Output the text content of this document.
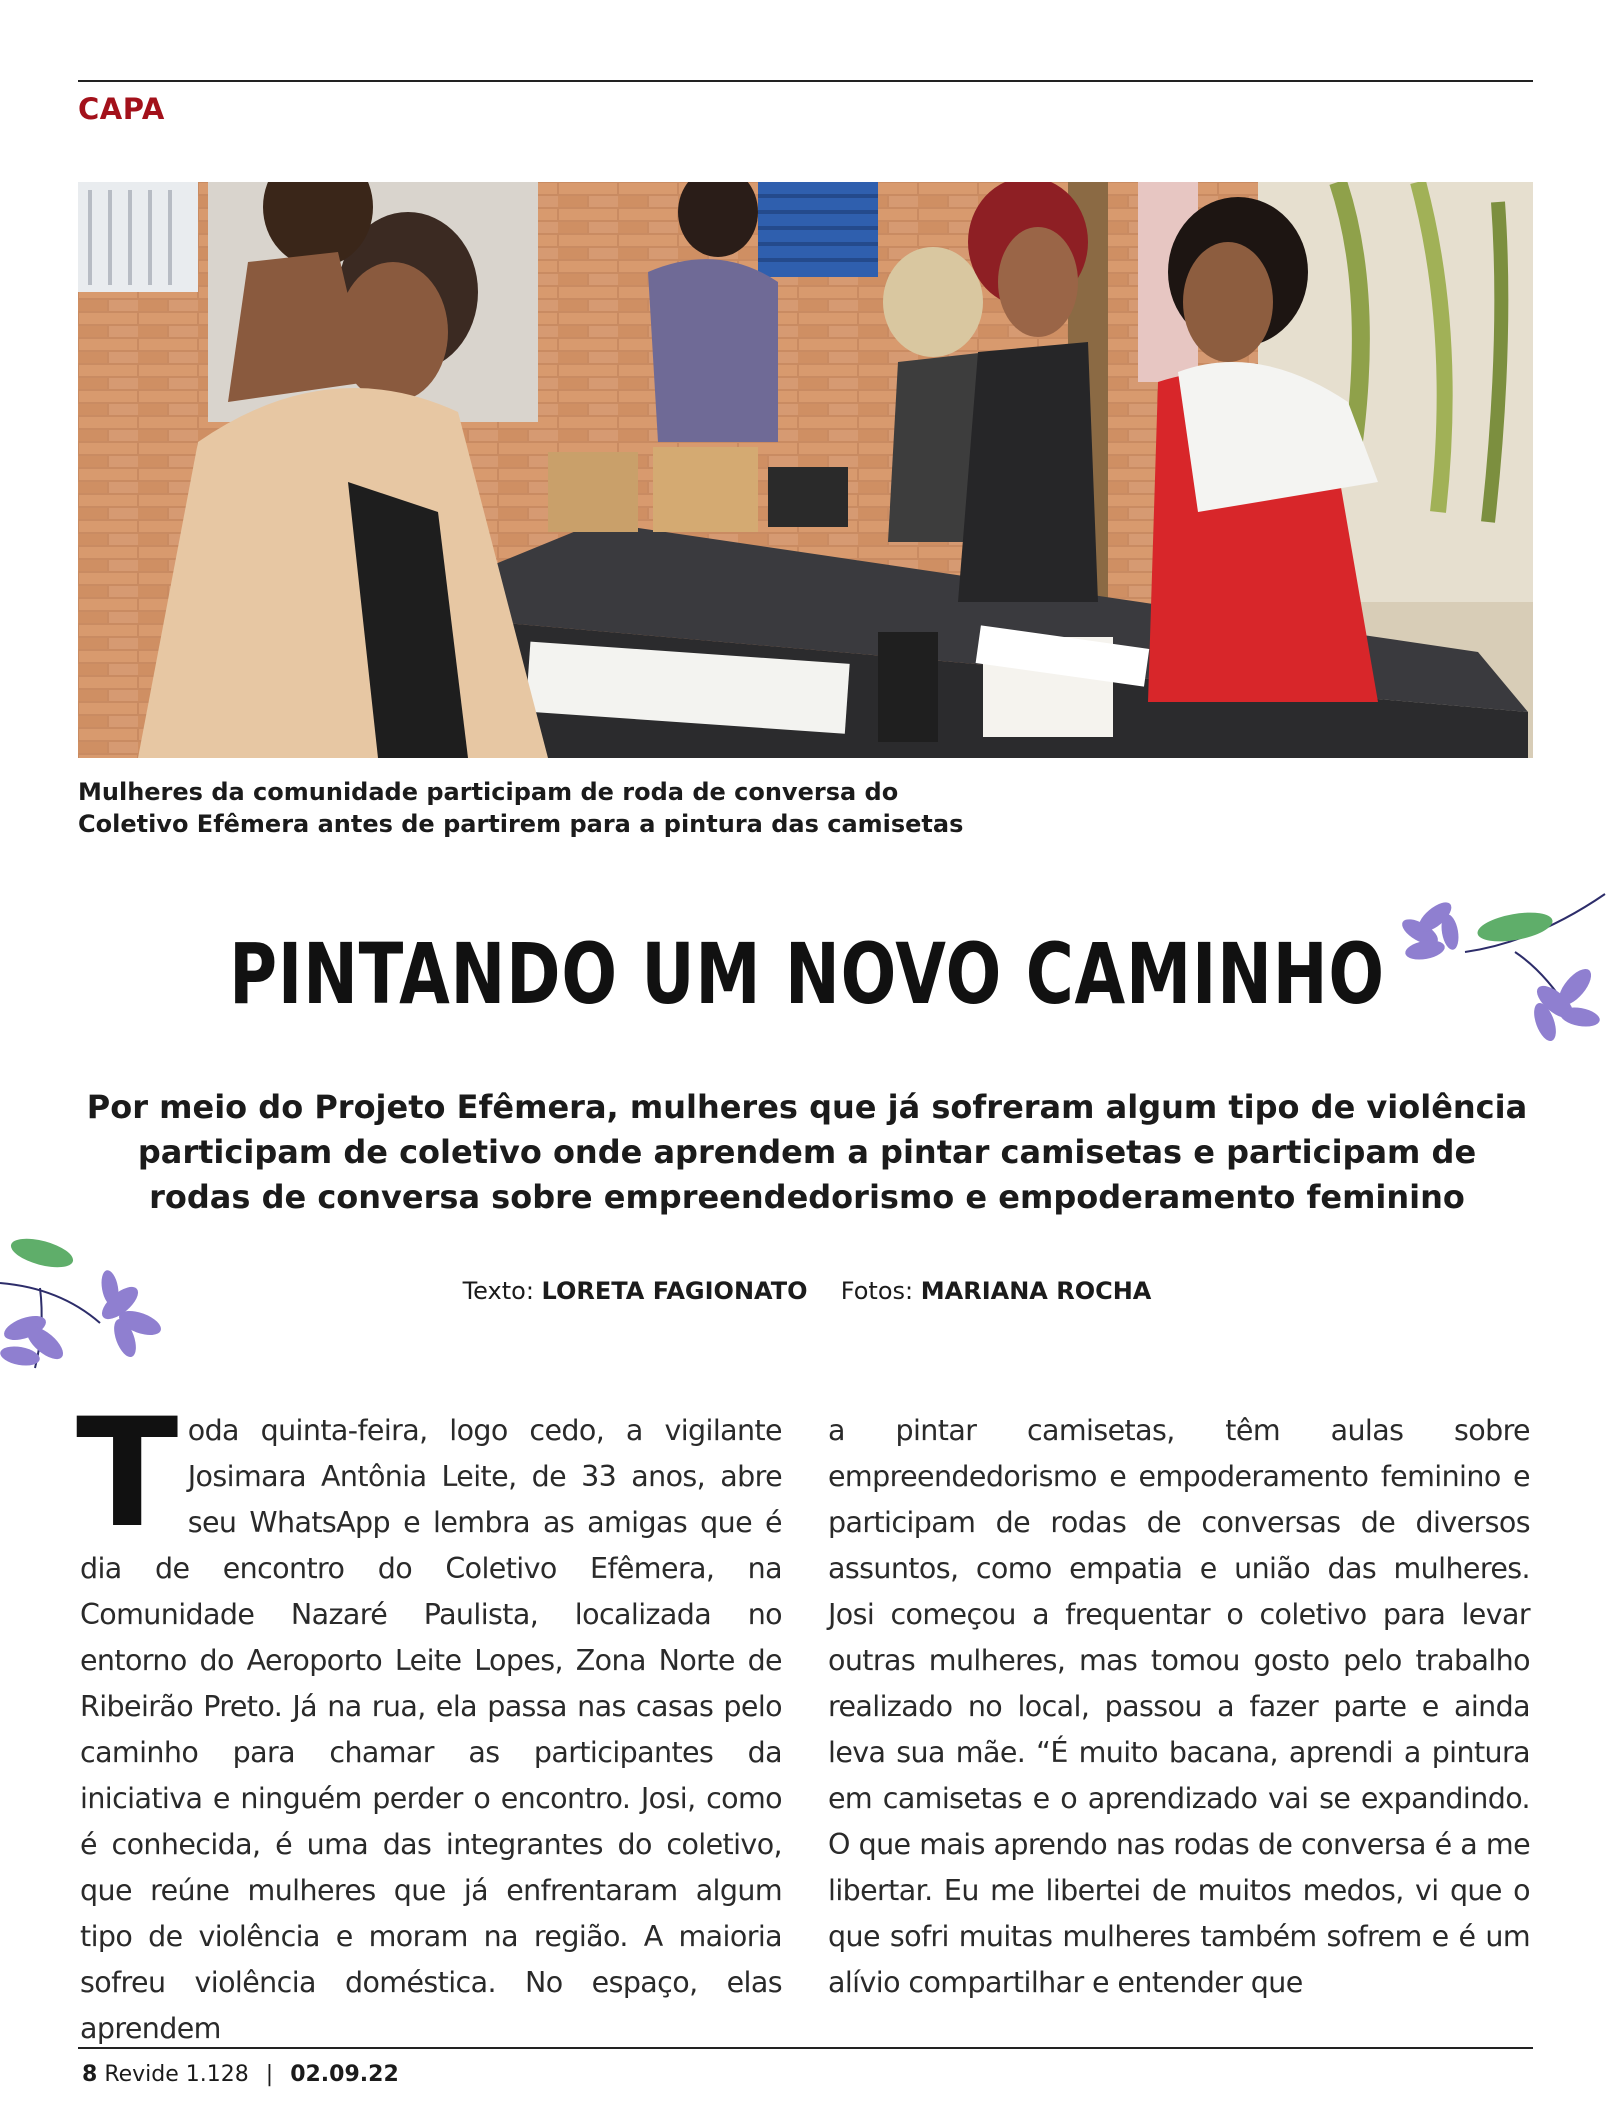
CAPA
Mulheres da comunidade participam de roda de conversa do
Coletivo Efêmera antes de partirem para a pintura das camisetas
PINTANDO UM NOVO CAMINHO
Por meio do Projeto Efêmera, mulheres que já sofreram algum tipo de violência
participam de coletivo onde aprendem a pintar camisetas e participam de
rodas de conversa sobre empreendedorismo e empoderamento feminino
Texto: LORETA FAGIONATO Fotos: MARIANA ROCHA
T oda quinta-feira, logo cedo, a vigilante Josimara Antônia Leite, de 33 anos, abre seu WhatsApp e lembra as amigas que é dia de encontro do Coletivo Efêmera, na Comunidade Nazaré Paulista, localizada no entorno do Aeroporto Leite Lopes, Zona Norte de Ribeirão Preto. Já na rua, ela passa nas casas pelo caminho para chamar as participantes da iniciativa e ninguém perder o encontro. Josi, como é conhecida, é uma das integrantes do coletivo, que reúne mulheres que já enfrentaram algum tipo de violência e moram na região. A maioria sofreu violência doméstica. No espaço, elas aprendem
a pintar camisetas, têm aulas sobre empreendedorismo e empoderamento feminino e participam de rodas de conversas de diversos assuntos, como empatia e união das mulheres. Josi começou a frequentar o coletivo para levar outras mulheres, mas tomou gosto pelo trabalho realizado no local, passou a fazer parte e ainda leva sua mãe. “É muito bacana, aprendi a pintura em camisetas e o aprendizado vai se expandindo. O que mais aprendo nas rodas de conversa é a me libertar. Eu me libertei de muitos medos, vi que o que sofri muitas mulheres também sofrem e é um alívio compartilhar e entender que
8 Revide 1.128 | 02.09.22
